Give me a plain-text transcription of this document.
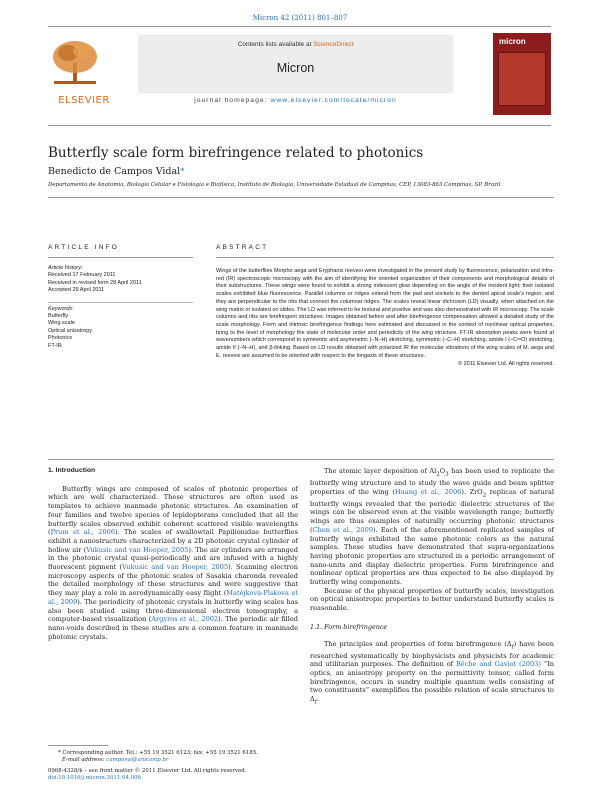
Micron 42 (2011) 801–807
ELSEVIER
Contents lists available at ScienceDirect
Micron
journal homepage: www.elsevier.com/locate/micron
micron
Butterfly scale form birefringence related to photonics
Benedicto de Campos Vidal*
Departamento de Anatomia, Biologia Celular e Fisiologia e Biofísica, Instituto de Biologia, Universidade Estadual de Campinas, CEP, 13083-863 Campinas, SP, Brazil
ARTICLE INFO	ABSTRACT
Article history:
Received 17 February 2011
Received in revised form 28 April 2011
Accepted 29 April 2011
Keywords:
Butterfly
Wing scale
Optical anisotropy
Photonics
FT-IR
Wings of the butterflies Morpho aega and Eryphanis reevesi were investigated in the present study by fluorescence, polarization and infra-red (IR) spectroscopic microscopy with the aim of identifying the oriented organization of their components and morphological details of their substructures. These wings were found to exhibit a strong iridescent glow depending on the angle of the incident light; their isolated scales exhibited blue fluorescence. Parallel columns or ridges extend from the pad and sockets to the dented apical scale’s region, and they are perpendicular to the ribs that connect the columnar ridges. The scales reveal linear dichroism (LD) visually, when attached on the wing matrix or isolated on slides. The LD was inferred to be textural and positive and was also demonstrated with IR microscopy. The scale columns and ribs are birefringent structures. Images obtained before and after birefringence compensation allowed a detailed study of the scale morphology. Form and intrinsic birefringence findings here estimated and discussed in the context of nonlinear optical properties, bring to the level of morphology the state of molecular order and periodicity of the wing structure. FT-IR absorption peaks were found at wavenumbers which correspond to symmetric and asymmetric (–N–H) stretching, symmetric (–C–H) stretching, amide I (–C═O) stretching, amide II (–N–H), and β-linking. Based on LD results obtained with polarized IR the molecular vibrations of the wing scales of M. aega and E. reevesi are assumed to be oriented with respect to the longaxis of these structures.
© 2011 Elsevier Ltd. All rights reserved.
1. Introduction

Butterfly wings are composed of scales of photonic properties of which are well characterized. These structures are often used as templates to achieve manmade photonic structures. An examination of four families and twelve species of lepidopterans concluded that all the butterfly scales observed exhibit coherent scattered visible wavelengths (Prum et al., 2006). The scales of swallowtail Papilionidae butterflies exhibit a nanostructure characterized by a 2D photonic crystal cylinder of hollow air (Vukusic and van Hooper, 2005). The air cylinders are arranged in the photonic crystal quasi-periodically and are infused with a highly fluorescent pigment (Vukusic and van Hooper, 2005). Scanning electron microscopy aspects of the photonic scales of Sasakia charonda revealed the detailed morphology of these structures and were suggestive that they may play a role in aerodynamically easy flight (Matějková-Plskova et al., 2009). The periodicity of photonic crystals in butterfly wing scales has also been studied using three-dimensional electron tomography, a computer-based visualization (Argyros et al., 2002). The periodic air filled nano-voids described in these studies are a common feature in manmade photonic crystals.

The atomic layer deposition of $Al_2O_3$ has been used to replicate the butterfly wing structure and to study the wave guide and beam splitter properties of the wing (Huang et al., 2006). ZrO$_2$ replicas of natural butterfly wings revealed that the periodic dielectric structures of the wings can be observed even at the visible wavelength range; butterfly wings are thus examples of naturally occurring photonic structures (Chen et al., 2009). Each of the aforementioned replicated samples of butterfly wings exhibited the same photonic colors as the natural samples. These studies have demonstrated that supra-organizations having photonic properties are structured in a periodic arrangement of nano-units and display dielectric properties. Form birefringence and nonlinear optical properties are thus expected to be also displayed by butterfly wing components.

Because of the physical properties of butterfly scales, investigation on optical anisotropic properties to better understand butterfly scales is reasonable.

1.1. Form birefringence

The principles and properties of form birefringence $(\Delta_f)$ have been researched systematically by biophysicists and physicists for academic and utilitarian purposes. The definition of Bêche and Gaviot (2003) “In optics, an anisotropy property on the permittivity tensor, called form birefringence, occurs in sundry multiple quantum wells consisting of two constituents” exemplifies the possible relation of scale structures to $\Delta_f$.

* Corresponding author. Tel.: +55 19 3521 6123; fax: +55 19 3521 6185.
E-mail address: camposvi@unicamp.br
0968-4328/$ – see front matter © 2011 Elsevier Ltd. All rights reserved.
doi:10.1016/j.micron.2011.04.006
